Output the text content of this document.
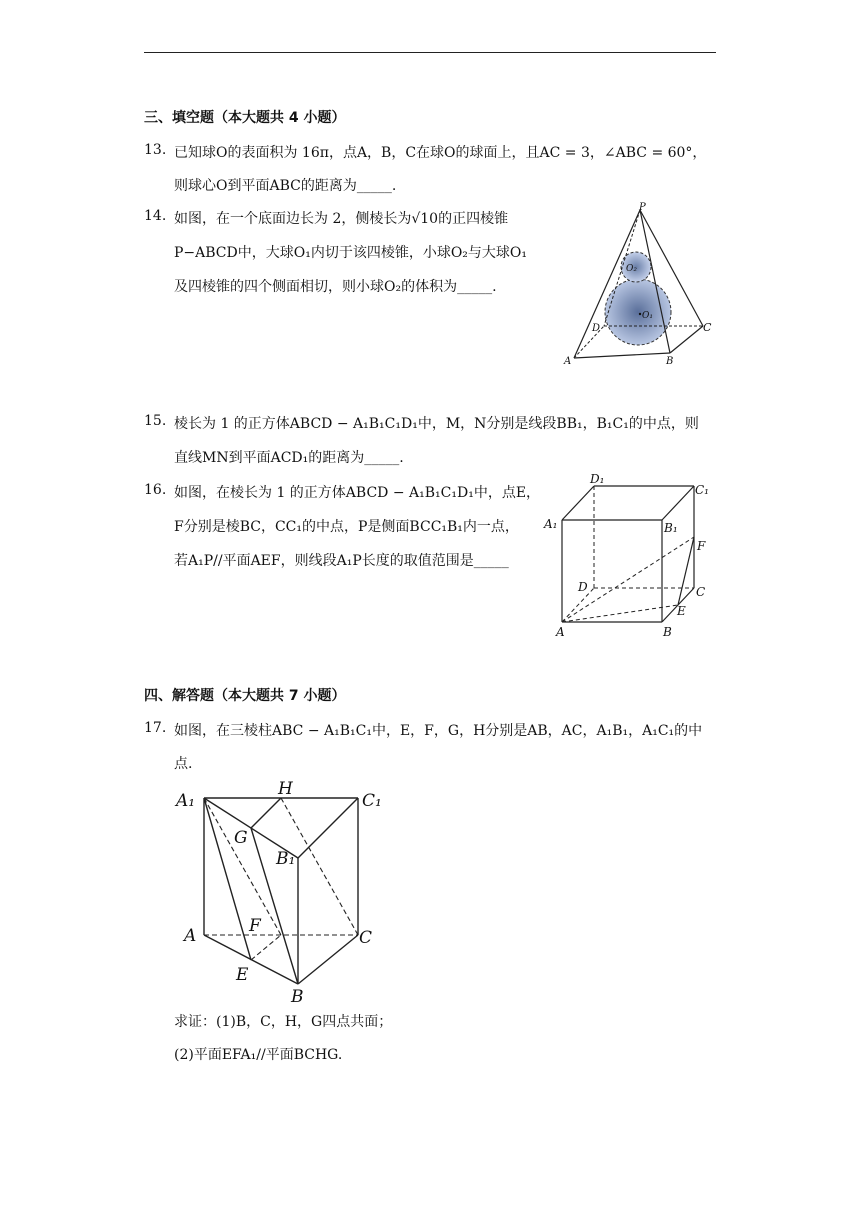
三、填空题（本大题共 4 小题）
13. 已知球O的表面积为 16π，点A，B，C在球O的球面上，且AC = 3，∠ABC = 60°，
则球心O到平面ABC的距离为_____.
14. 如图，在一个底面边长为 2，侧棱长为√10的正四棱锥
P−ABCD中，大球O₁内切于该四棱锥，小球O₂与大球O₁
及四棱锥的四个侧面相切，则小球O₂的体积为_____.
P
A	B
C
D
O₁
O₂
15. 棱长为 1 的正方体ABCD − A₁B₁C₁D₁中，M，N分别是线段BB₁，B₁C₁的中点，则
直线MN到平面ACD₁的距离为_____.
16. 如图，在棱长为 1 的正方体ABCD − A₁B₁C₁D₁中，点E，
F分别是棱BC，CC₁的中点，P是侧面BCC₁B₁内一点，
若A₁P//平面AEF，则线段A₁P长度的取值范围是_____
D₁
C₁
A₁	B₁
F
D	C
E
A	B
四、解答题（本大题共 7 小题）
17. 如图，在三棱柱ABC − A₁B₁C₁中，E，F，G，H分别是AB，AC，A₁B₁，A₁C₁的中
点.
A₁
H
C₁
G
B₁
A	F
C
E
B
求证：(1)B，C，H，G四点共面；
(2)平面EFA₁//平面BCHG.
